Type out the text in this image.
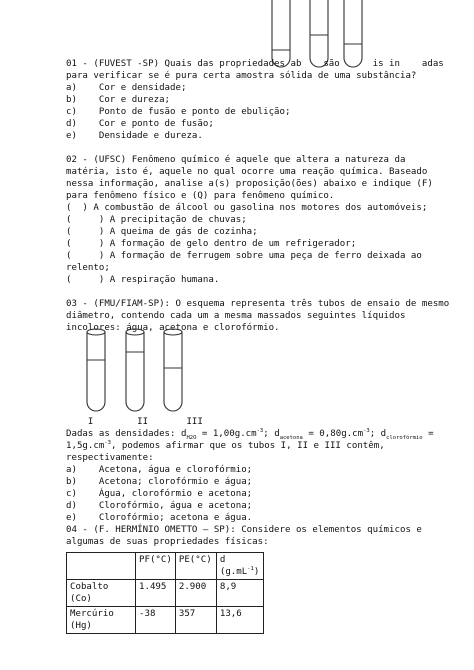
01 - (FUVEST -SP) Quais das propriedades ab    são      is in    adas
para verificar se é pura certa amostra sólida de uma substância?
a)    Cor e densidade;
b)    Cor e dureza;
c)    Ponto de fusão e ponto de ebulição;
d)    Cor e ponto de fusão;
e)    Densidade e dureza.
02 - (UFSC) Fenômeno químico é aquele que altera a natureza da
matéria, isto é, aquele no qual ocorre uma reação química. Baseado
nessa informação, analise a(s) proposição(ões) abaixo e indique (F)
para fenômeno físico e (Q) para fenômeno químico.
(  ) A combustão de álcool ou gasolina nos motores dos automóveis;
(     ) A precipitação de chuvas;
(     ) A queima de gás de cozinha;
(     ) A formação de gelo dentro de um refrigerador;
(     ) A formação de ferrugem sobre uma peça de ferro deixada ao
relento;
(     ) A respiração humana.
03 - (FMU/FIAM-SP): O esquema representa três tubos de ensaio de mesmo
diâmetro, contendo cada um a mesma massados seguintes líquidos
incolores: água, acetona e clorofórmio.
I        II       III
Dadas as densidades: $d_{H2O} = 1,00g.cm^{-3}$; $d_{acetona} = 0,80g.cm^{-3}$; $d_{clorofórmio}$ =
$1,5g.cm^{-3}$, podemos afirmar que os tubos I, II e III contêm,
respectivamente:
a)    Acetona, água e clorofórmio;
b)    Acetona; clorofórmio e água;
c)    Água, clorofórmio e acetona;
d)    Clorofórmio, água e acetona;
e)    Clorofórmio; acetona e água.
04 - (F. HERMÍNIO OMETTO – SP): Considere os elementos químicos e
algumas de suas propriedades físicas:
	PF(°C)	PE(°C)	d
$(g.mL^{-1})$
Cobalto (Co)	1.495	2.900	8,9
Mercúrio
(Hg)	-38	357	13,6
